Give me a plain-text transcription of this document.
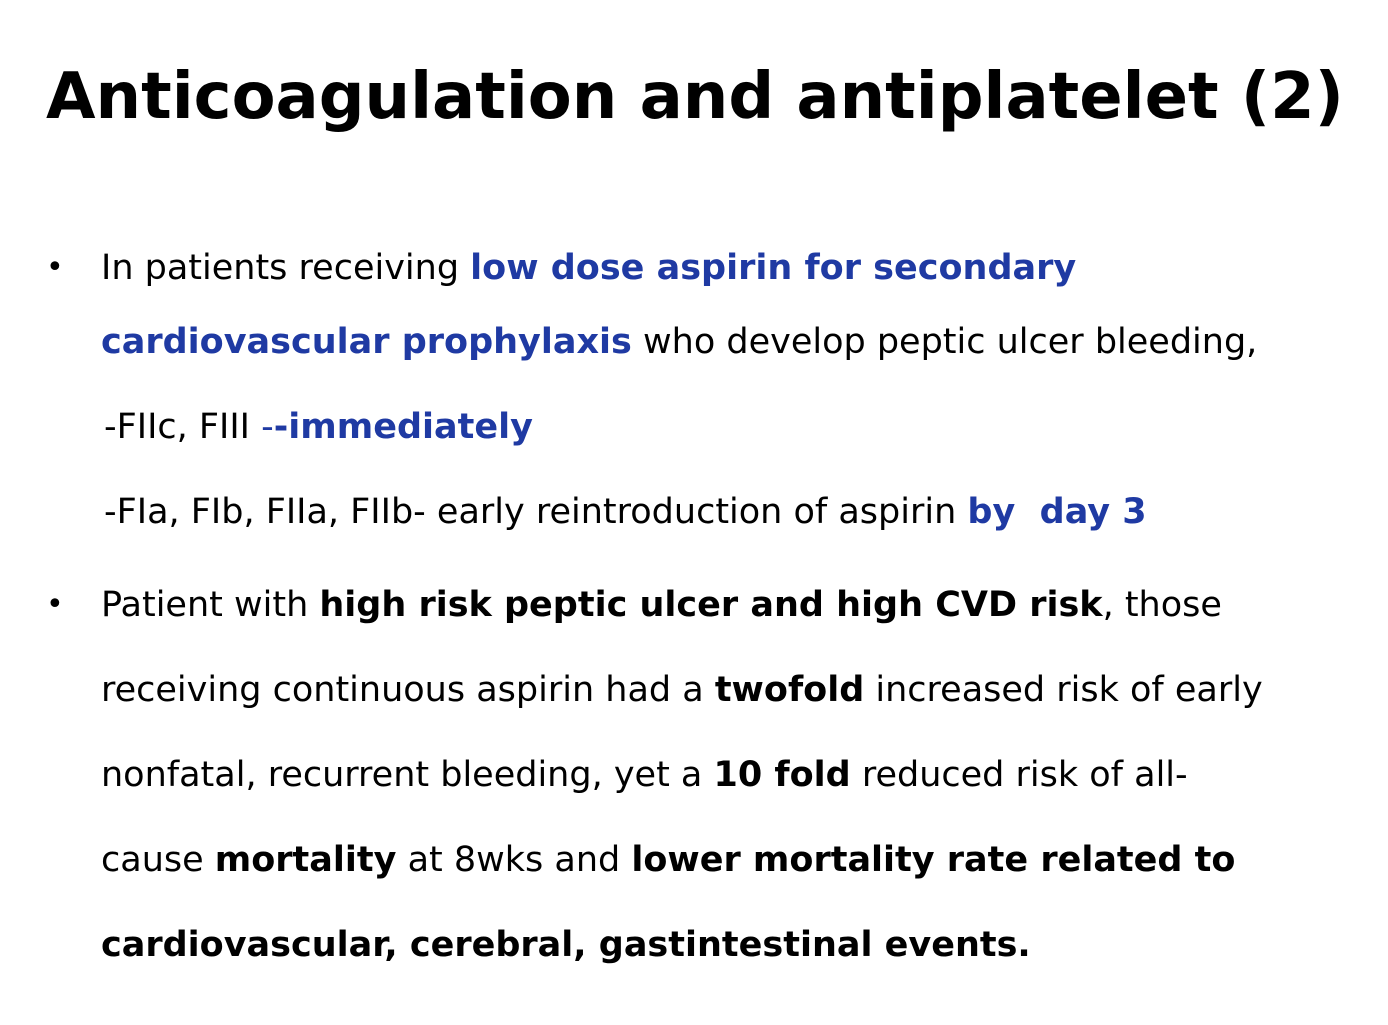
Anticoagulation and antiplatelet (2)
• In patients receiving low dose aspirin for secondary
cardiovascular prophylaxis who develop peptic ulcer bleeding,
-FIIc, FIII --immediately
-FIa, FIb, FIIa, FIIb- early reintroduction of aspirin by  day 3
• Patient with high risk peptic ulcer and high CVD risk, those
receiving continuous aspirin had a twofold increased risk of early
nonfatal, recurrent bleeding, yet a 10 fold reduced risk of all-
cause mortality at 8wks and lower mortality rate related to
cardiovascular, cerebral, gastintestinal events.
